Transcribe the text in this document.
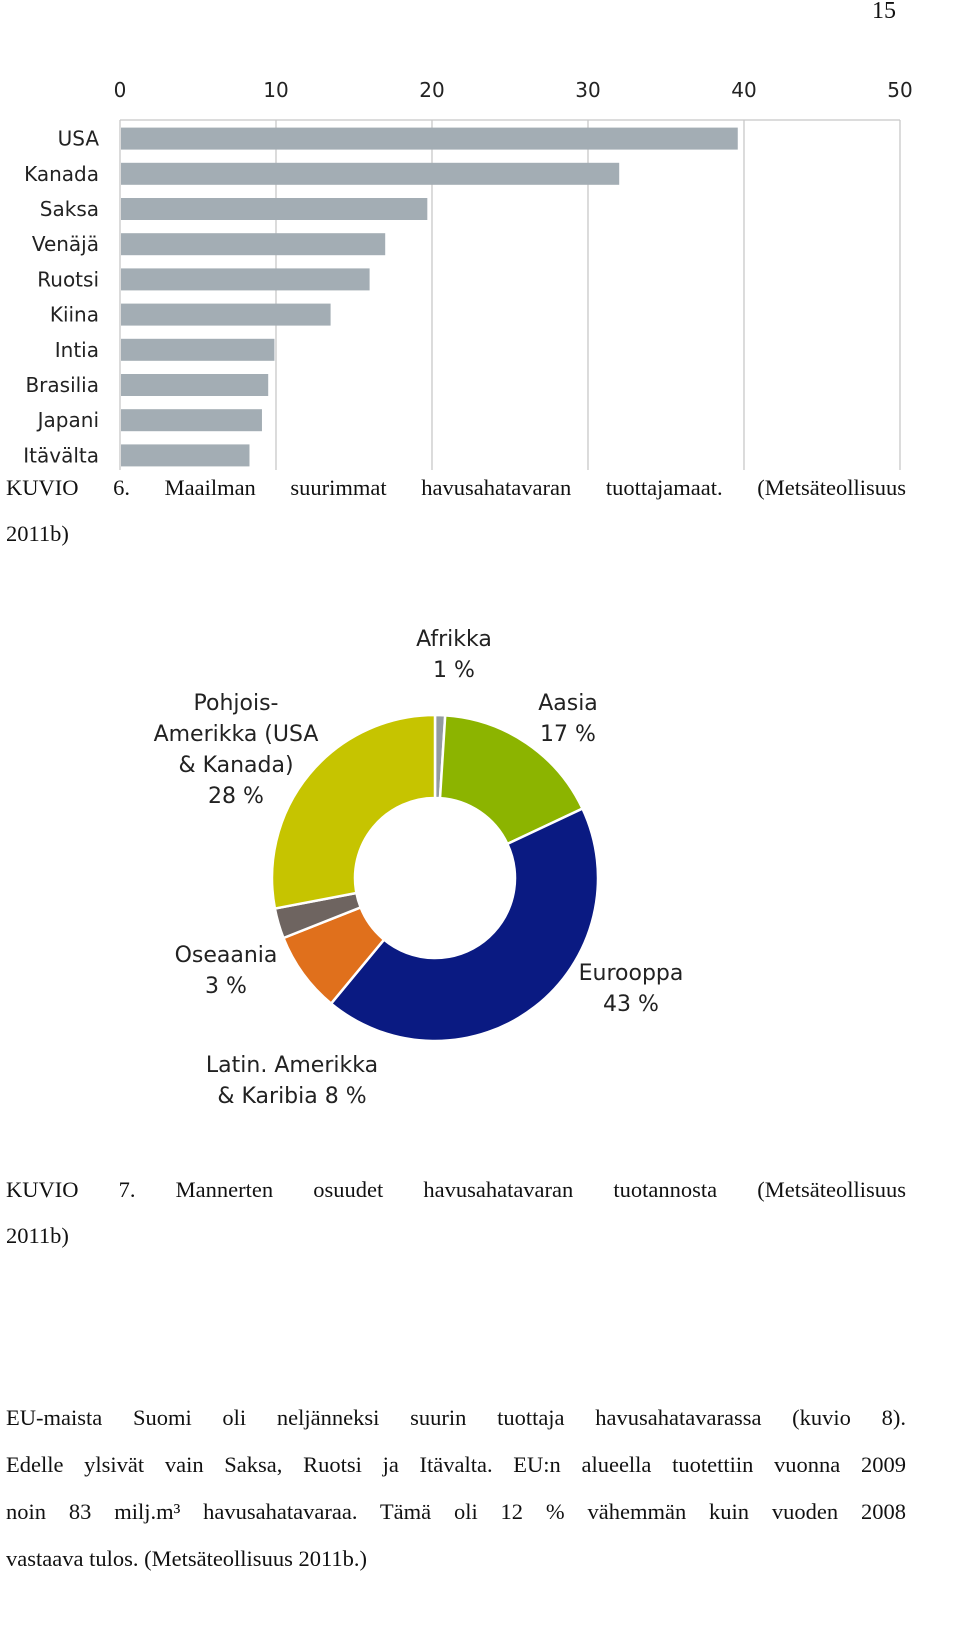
15
0	10	20	30	40	50
USA
Kanada
Saksa
Venäjä
Ruotsi
Kiina
Intia
Brasilia
Japani
Itävälta
KUVIO 6. Maailman suurimmat havusahatavaran tuottajamaat. (Metsäteollisuus
2011b)
Afrikka 1 %
Aasia 17 %
Eurooppa 43 %
Latin. Amerikka & Karibia 8 %
Oseaania 3 %
Pohjois-Amerikka (USA & Kanada) 28 %
KUVIO 7. Mannerten osuudet havusahatavaran tuotannosta (Metsäteollisuus
2011b)
EU-maista Suomi oli neljänneksi suurin tuottaja havusahatavarassa (kuvio 8).
Edelle ylsivät vain Saksa, Ruotsi ja Itävalta. EU:n alueella tuotettiin vuonna 2009
noin 83 milj.m³ havusahatavaraa. Tämä oli 12 % vähemmän kuin vuoden 2008
vastaava tulos. (Metsäteollisuus 2011b.)
